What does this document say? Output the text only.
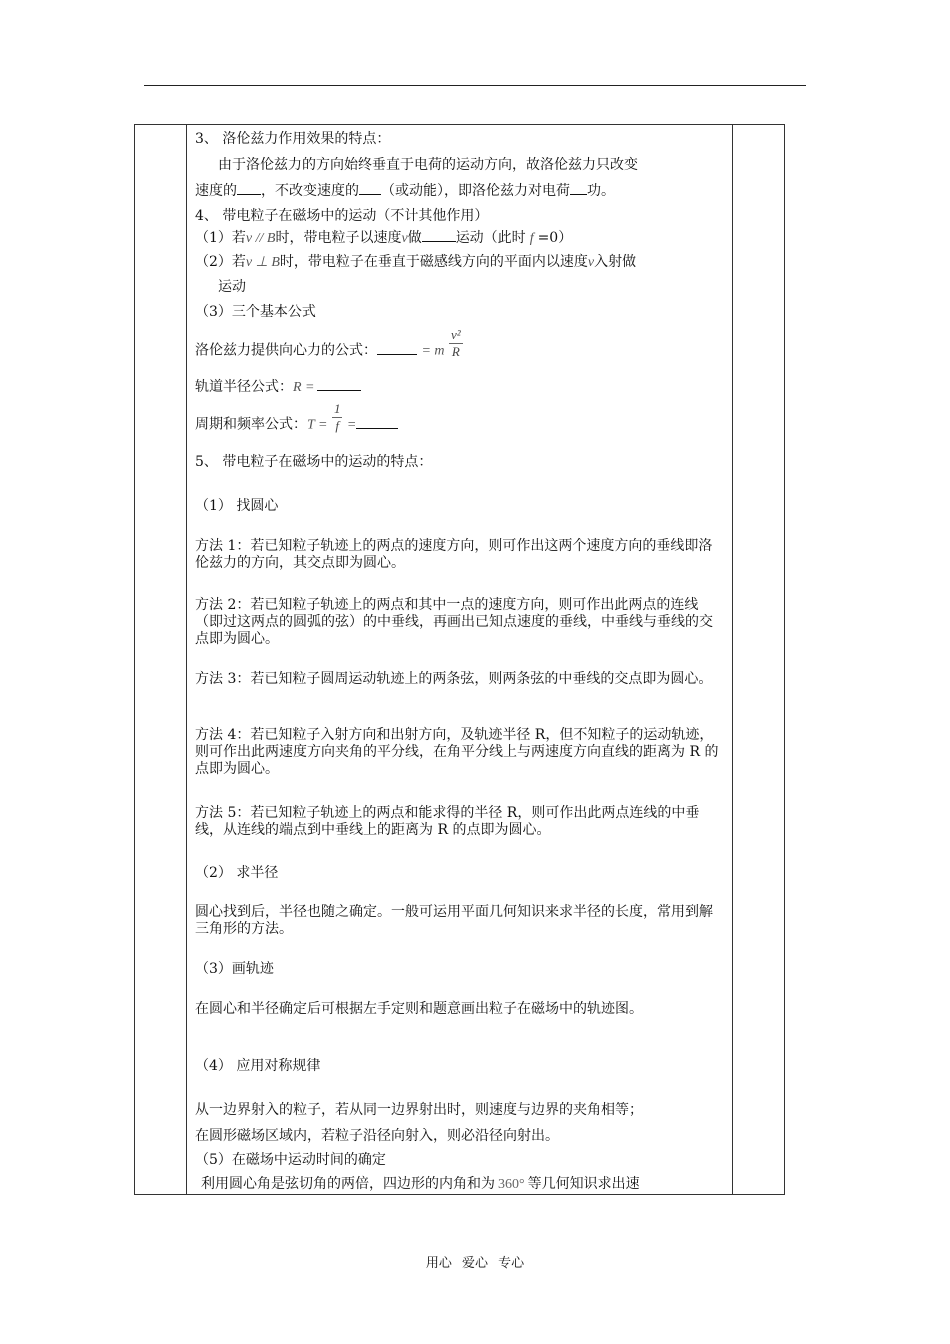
3、 洛伦兹力作用效果的特点：
由于洛伦兹力的方向始终垂直于电荷的运动方向，故洛伦兹力只改变
速度的 ，不改变速度的 （或动能），即洛伦兹力对电荷 功。
4、 带电粒子在磁场中的运动（不计其他作用）
（1）若v // B时，带电粒子以速度v做 运动（此时 f =0）
（2）若v ⊥ B时，带电粒子在垂直于磁感线方向的平面内以速度v入射做
运动
（3）三个基本公式
洛伦兹力提供向心力的公式：	= m $\frac{\text{v²}}{R}$
轨道半径公式：R =
周期和频率公式：$T = \frac{1}{f}$ =
5、 带电粒子在磁场中的运动的特点：
（1） 找圆心
方法 1：若已知粒子轨迹上的两点的速度方向，则可作出这两个速度方向的垂线即洛伦兹力的方向，其交点即为圆心。
方法 2：若已知粒子轨迹上的两点和其中一点的速度方向，则可作出此两点的连线（即过这两点的圆弧的弦）的中垂线，再画出已知点速度的垂线，中垂线与垂线的交点即为圆心。
方法 3：若已知粒子圆周运动轨迹上的两条弦，则两条弦的中垂线的交点即为圆心。
方法 4：若已知粒子入射方向和出射方向，及轨迹半径 R，但不知粒子的运动轨迹，则可作出此两速度方向夹角的平分线，在角平分线上与两速度方向直线的距离为 R 的点即为圆心。
方法 5：若已知粒子轨迹上的两点和能求得的半径 R，则可作出此两点连线的中垂线，从连线的端点到中垂线上的距离为 R 的点即为圆心。
（2） 求半径
圆心找到后，半径也随之确定。一般可运用平面几何知识来求半径的长度，常用到解三角形的方法。
（3）画轨迹
在圆心和半径确定后可根据左手定则和题意画出粒子在磁场中的轨迹图。
（4） 应用对称规律
从一边界射入的粒子，若从同一边界射出时，则速度与边界的夹角相等；
在圆形磁场区域内，若粒子沿径向射入，则必沿径向射出。
（5）在磁场中运动时间的确定
利用圆心角是弦切角的两倍，四边形的内角和为 360° 等几何知识求出速
用心 爱心 专心
